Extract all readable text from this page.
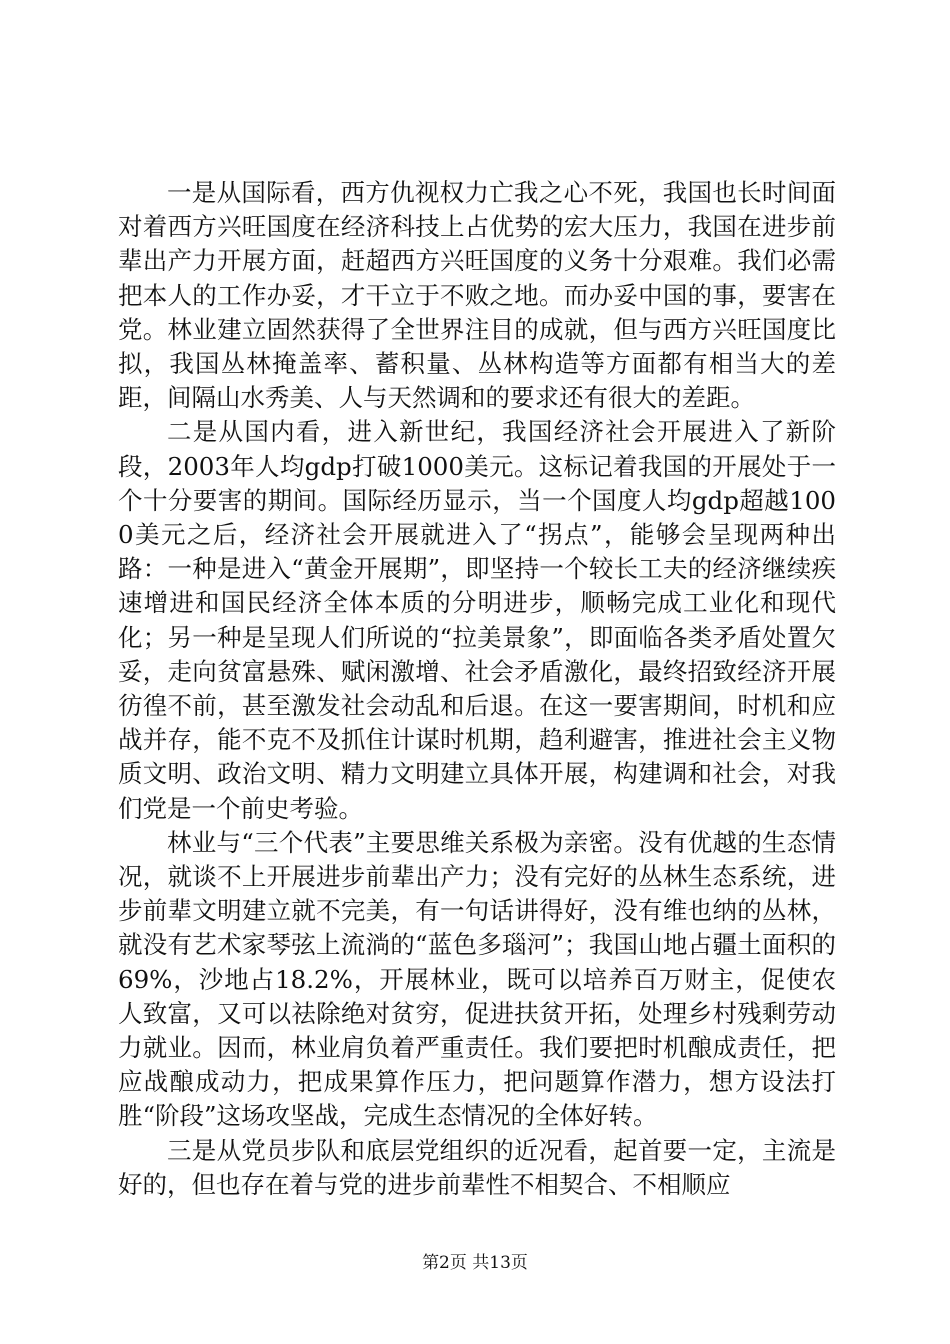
一是从国际看，西方仇视权力亡我之心不死，我国也长时间面对着西方兴旺国度在经济科技上占优势的宏大压力，我国在进步前辈出产力开展方面，赶超西方兴旺国度的义务十分艰难。我们必需把本人的工作办妥，才干立于不败之地。而办妥中国的事，要害在党。林业建立固然获得了全世界注目的成就，但与西方兴旺国度比拟，我国丛林掩盖率、蓄积量、丛林构造等方面都有相当大的差距，间隔山水秀美、人与天然调和的要求还有很大的差距。

二是从国内看，进入新世纪，我国经济社会开展进入了新阶段，2003年人均gdp打破1000美元。这标记着我国的开展处于一个十分要害的期间。国际经历显示，当一个国度人均gdp超越1000美元之后，经济社会开展就进入了“拐点”，能够会呈现两种出路：一种是进入“黄金开展期”，即坚持一个较长工夫的经济继续疾速增进和国民经济全体本质的分明进步，顺畅完成工业化和现代化；另一种是呈现人们所说的“拉美景象”，即面临各类矛盾处置欠妥，走向贫富悬殊、赋闲激增、社会矛盾激化，最终招致经济开展彷徨不前，甚至激发社会动乱和后退。在这一要害期间，时机和应战并存，能不克不及抓住计谋时机期，趋利避害，推进社会主义物质文明、政治文明、精力文明建立具体开展，构建调和社会，对我们党是一个前史考验。

林业与“三个代表”主要思维关系极为亲密。没有优越的生态情况，就谈不上开展进步前辈出产力；没有完好的丛林生态系统，进步前辈文明建立就不完美，有一句话讲得好，没有维也纳的丛林，就没有艺术家琴弦上流淌的“蓝色多瑙河”；我国山地占疆土面积的69%，沙地占18.2%，开展林业，既可以培养百万财主，促使农人致富，又可以祛除绝对贫穷，促进扶贫开拓，处理乡村残剩劳动力就业。因而，林业肩负着严重责任。我们要把时机酿成责任，把应战酿成动力，把成果算作压力，把问题算作潜力，想方设法打胜“阶段”这场攻坚战，完成生态情况的全体好转。

三是从党员步队和底层党组织的近况看，起首要一定，主流是好的，但也存在着与党的进步前辈性不相契合、不相顺应

第2页 共13页
